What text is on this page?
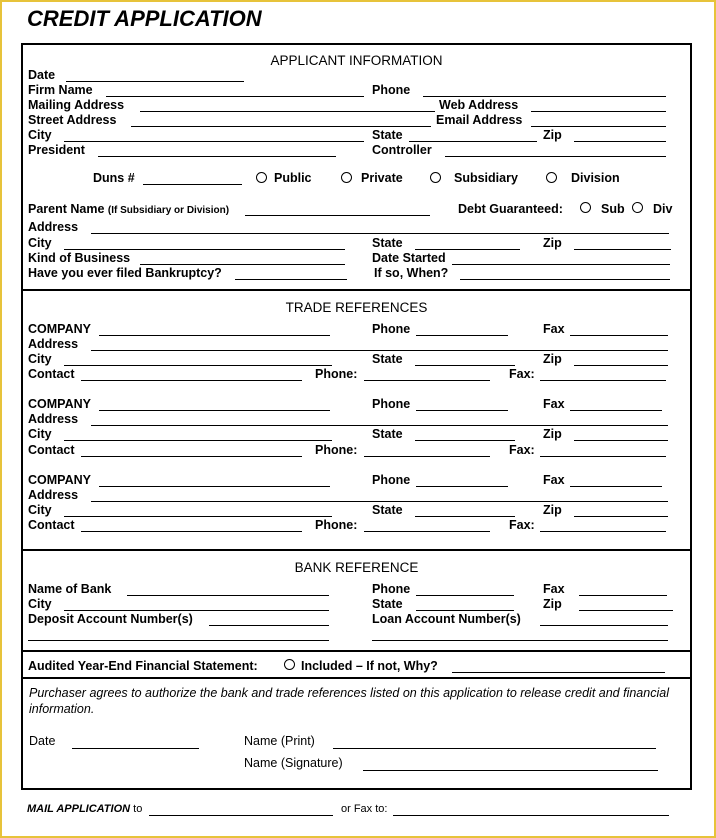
CREDIT APPLICATION
APPLICANT INFORMATION
Date
Firm Name	Phone
Mailing Address	Web Address
Street Address	Email Address
City	State	Zip
President	Controller
Duns #	Public	Private	Subsidiary	Division
Parent Name (If Subsidiary or Division)	Debt Guaranteed:	Sub Div
Address
City	State	Zip
Kind of Business	Date Started
Have you ever filed Bankruptcy?	If so, When?
TRADE REFERENCES
COMPANY	Phone	Fax
Address
City	State	Zip
Contact	Phone:	Fax:
COMPANY	Phone	Fax
Address
City	State	Zip
Contact	Phone:	Fax:
COMPANY	Phone	Fax
Address
City	State	Zip
Contact	Phone:	Fax:
BANK REFERENCE
Name of Bank	Phone	Fax
City	State	Zip
Deposit Account Number(s)	Loan Account Number(s)
Audited Year-End Financial Statement:	Included – If not, Why?
Purchaser agrees to authorize the bank and trade references listed on this application to release credit and financial information.
Date	Name (Print)
Name (Signature)
MAIL APPLICATION to	or Fax to:
